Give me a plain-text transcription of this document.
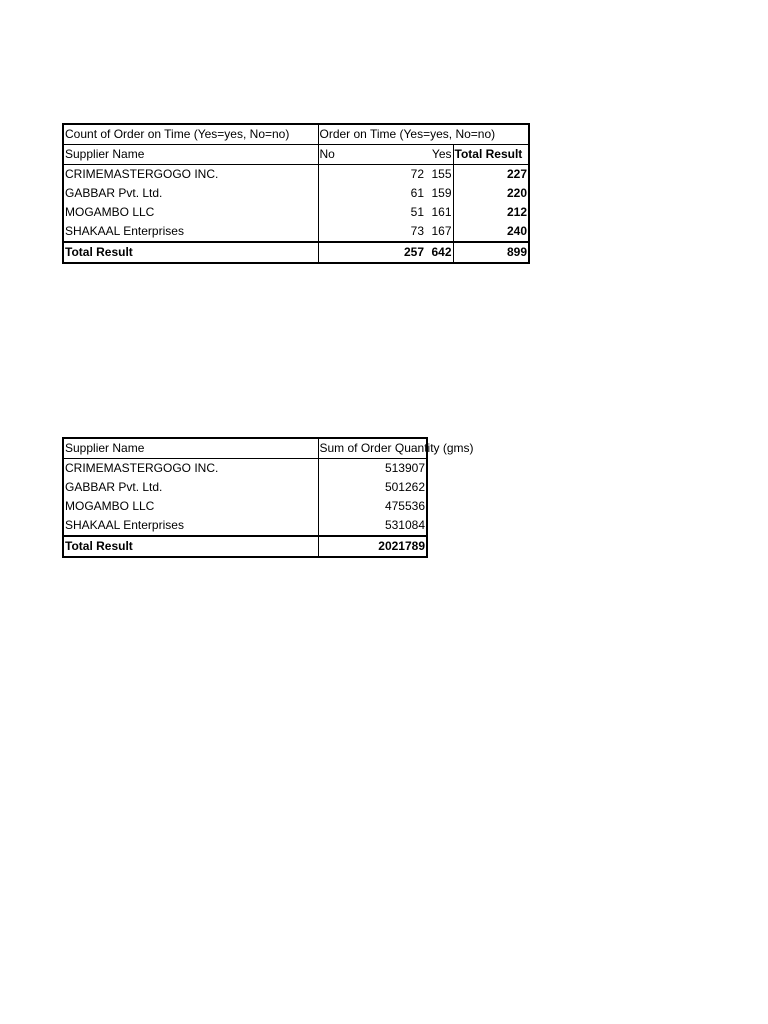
Count of Order on Time (Yes=yes, No=no)	Order on Time (Yes=yes, No=no)		

Supplier Name	No	Yes	Total Result
CRIMEMASTERGOGO INC.	72	155	227
GABBAR Pvt. Ltd.	61	159	220
MOGAMBO LLC	51	161	212
SHAKAAL Enterprises	73	167	240
Total Result	257	642	899
Supplier Name	Sum of Order Quantity (gms)

CRIMEMASTERGOGO INC.	513907
GABBAR Pvt. Ltd.	501262
MOGAMBO LLC	475536
SHAKAAL Enterprises	531084
Total Result	2021789
